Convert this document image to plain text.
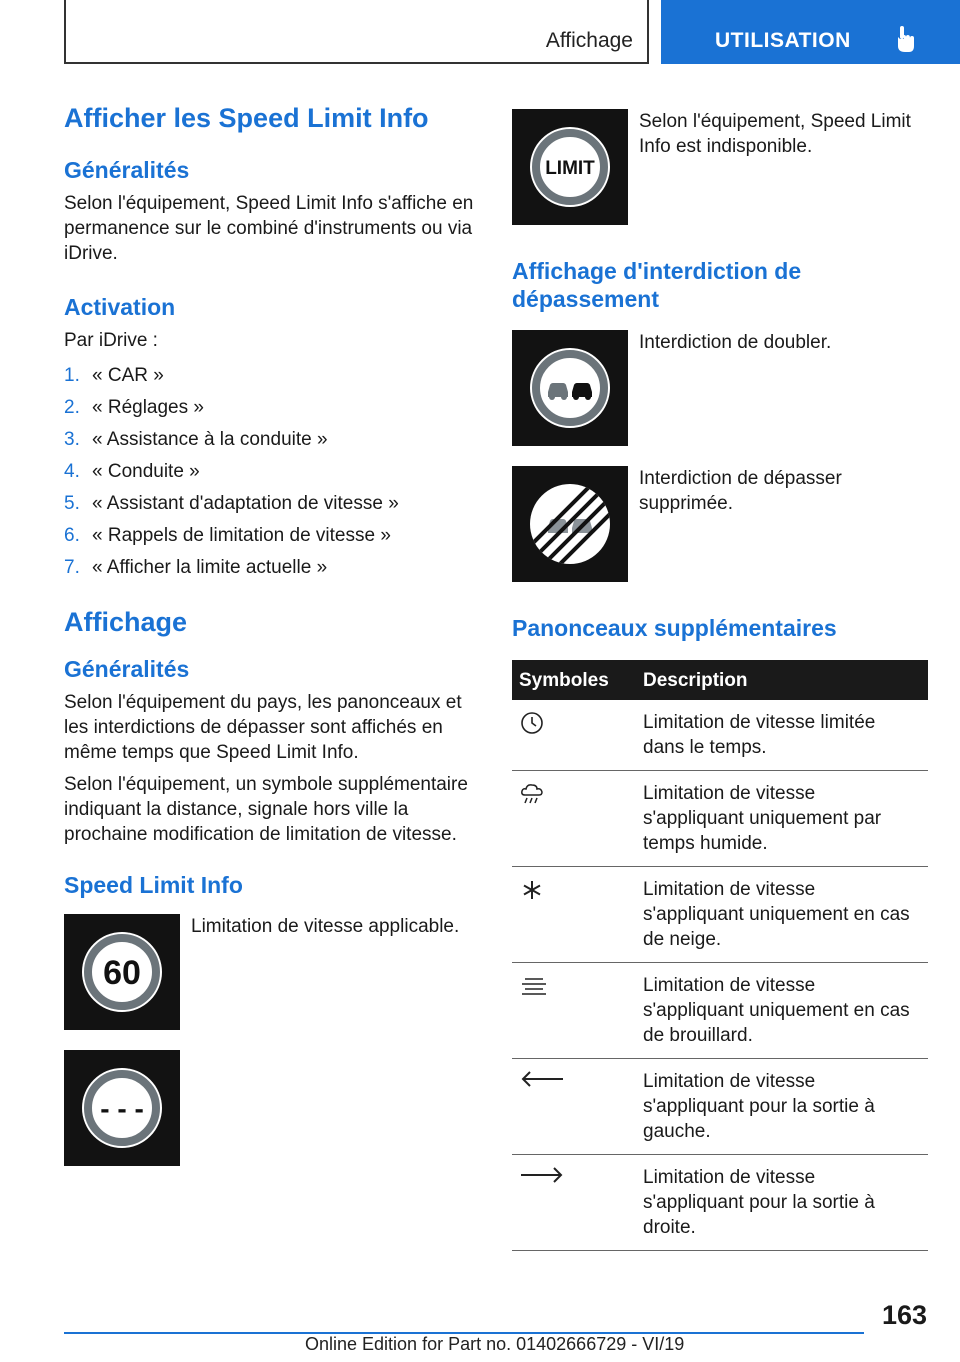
Affichage	UTILISATION
Afficher les Speed Limit Info
Généralités

Selon l'équipement, Speed Limit Info s'affiche en permanence sur le combiné d'instruments ou via iDrive.

Activation

Par iDrive :

1. « CAR »
2. « Réglages »
3. « Assistance à la conduite »
4. « Conduite »
5. « Assistant d'adaptation de vitesse »
6. « Rappels de limitation de vitesse »
7. « Afficher la limite actuelle »
Affichage
Généralités

Selon l'équipement du pays, les panonceaux et les interdictions de dépasser sont affichés en même temps que Speed Limit Info.

Selon l'équipement, un symbole supplémentaire indiquant la distance, signale hors ville la prochaine modification de limitation de vitesse.

Speed Limit Info
60
Limitation de vitesse applicable.
- - -
LIMIT
Selon l'équipement, Speed Limit Info est indisponible.
Affichage d'interdiction de dépassement
Interdiction de doubler.
Interdiction de dépasser supprimée.
Panonceaux supplémentaires
Symboles	Description
	Limitation de vitesse limitée dans le temps.
	Limitation de vitesse s'appliquant uniquement par temps humide.
	Limitation de vitesse s'appliquant uniquement en cas de neige.
	Limitation de vitesse s'appliquant uniquement en cas de brouillard.
	Limitation de vitesse s'appliquant pour la sortie à gauche.
	Limitation de vitesse s'appliquant pour la sortie à droite.
163
Online Edition for Part no. 01402666729 - VI/19
